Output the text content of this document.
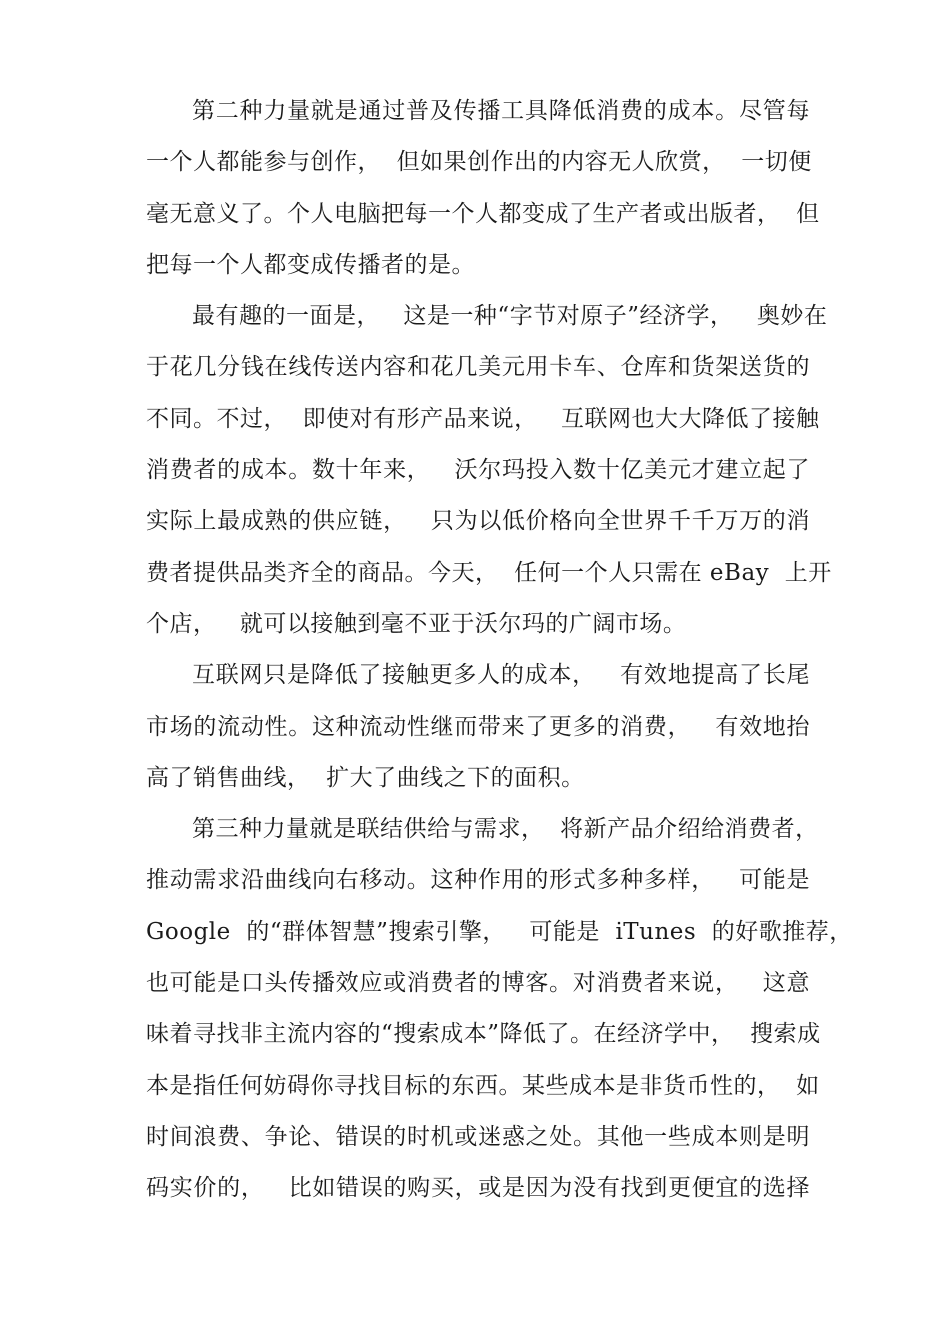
第二种力量就是通过普及传播工具降低消费的成本。尽管每
一个人都能参与创作，  但如果创作出的内容无人欣赏，  一切便
毫无意义了。个人电脑把每一个人都变成了生产者或出版者，  但
把每一个人都变成传播者的是。
最有趣的一面是，   这是一种“字节对原子”经济学，   奥妙在
于花几分钱在线传送内容和花几美元用卡车、仓库和货架送货的
不同。不过，  即使对有形产品来说，   互联网也大大降低了接触
消费者的成本。数十年来，   沃尔玛投入数十亿美元才建立起了
实际上最成熟的供应链，   只为以低价格向全世界千千万万的消
费者提供品类齐全的商品。今天，  任何一个人只需在 eBay  上开
个店，   就可以接触到毫不亚于沃尔玛的广阔市场。
互联网只是降低了接触更多人的成本，   有效地提高了长尾
市场的流动性。这种流动性继而带来了更多的消费，   有效地抬
高了销售曲线，  扩大了曲线之下的面积。
第三种力量就是联结供给与需求，  将新产品介绍给消费者，
推动需求沿曲线向右移动。这种作用的形式多种多样，   可能是
Google  的“群体智慧”搜索引擎，   可能是  iTunes  的好歌推荐，
也可能是口头传播效应或消费者的博客。对消费者来说，   这意
味着寻找非主流内容的“搜索成本”降低了。在经济学中，  搜索成
本是指任何妨碍你寻找目标的东西。某些成本是非货币性的，  如
时间浪费、争论、错误的时机或迷惑之处。其他一些成本则是明
码实价的，   比如错误的购买，或是因为没有找到更便宜的选择
